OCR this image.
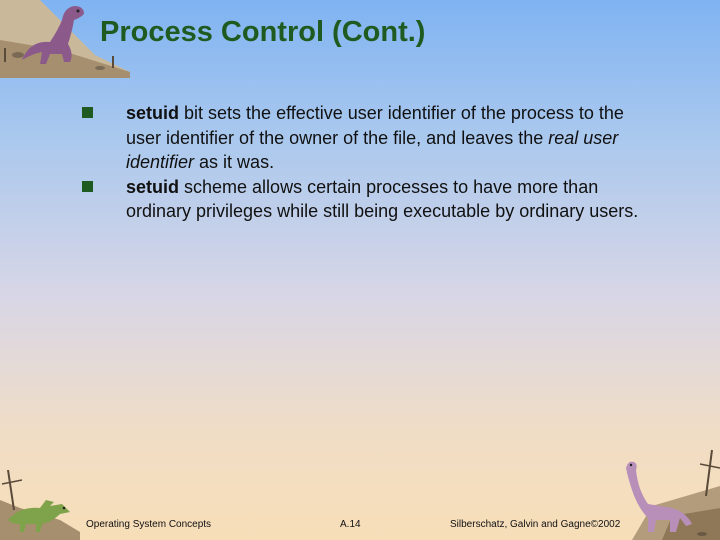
Process Control (Cont.)
setuid bit sets the effective user identifier of the process to the user identifier of the owner of the file, and leaves the real user identifier as it was.
setuid scheme allows certain processes to have more than ordinary privileges while still being executable by ordinary users.
Operating System Concepts	A.14	Silberschatz, Galvin and Gagne©2002
